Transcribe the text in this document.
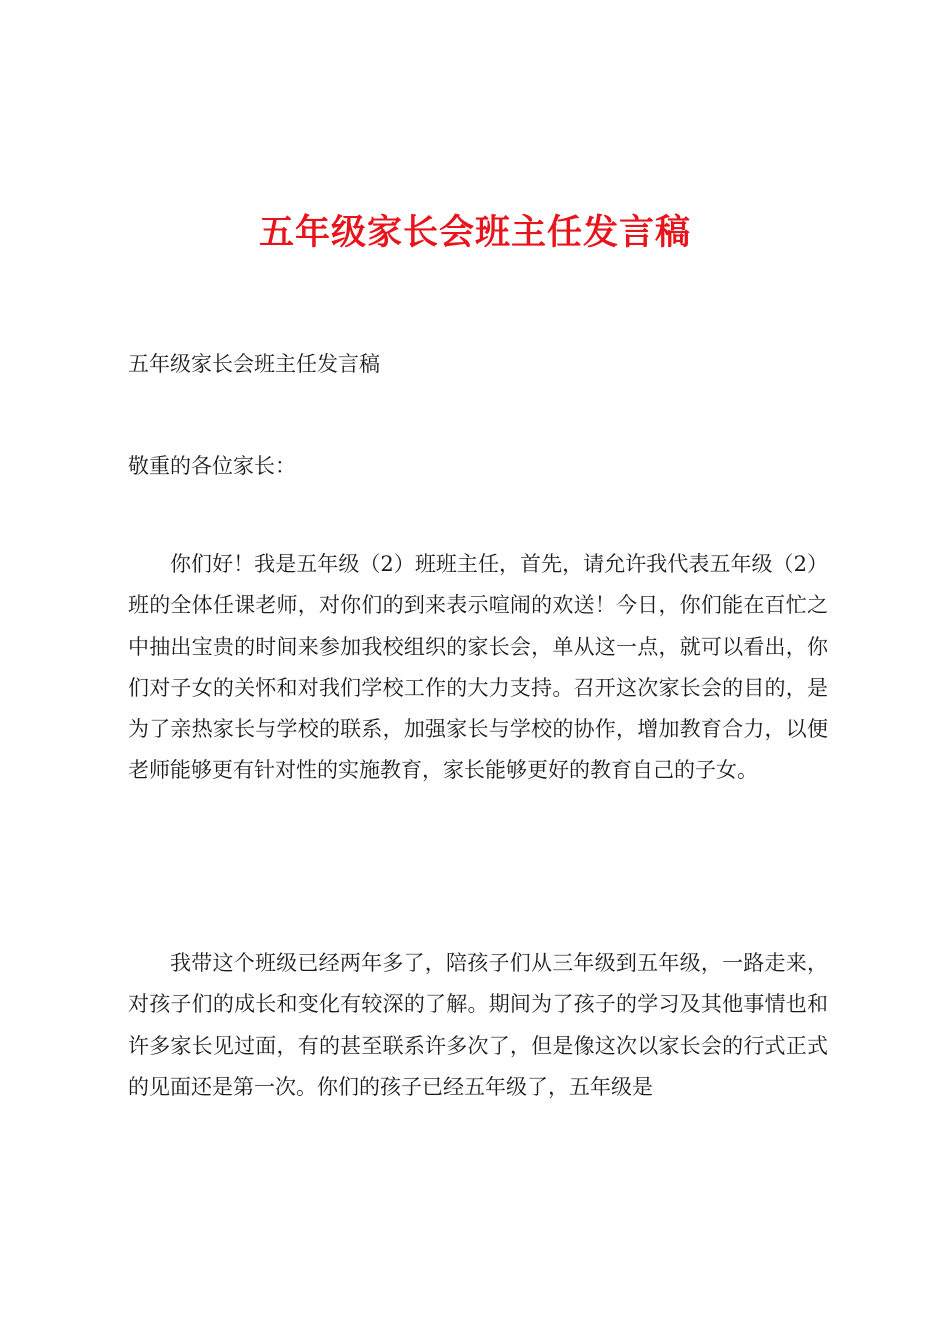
五年级家长会班主任发言稿
五年级家长会班主任发言稿
敬重的各位家长：

你们好！我是五年级（2）班班主任，首先，请允许我代表五年级（2）班的全体任课老师，对你们的到来表示喧闹的欢送！今日，你们能在百忙之中抽出宝贵的时间来参加我校组织的家长会，单从这一点，就可以看出，你们对子女的关怀和对我们学校工作的大力支持。召开这次家长会的目的，是为了亲热家长与学校的联系，加强家长与学校的协作，增加教育合力，以便老师能够更有针对性的实施教育，家长能够更好的教育自己的子女。

我带这个班级已经两年多了，陪孩子们从三年级到五年级，一路走来，对孩子们的成长和变化有较深的了解。期间为了孩子的学习及其他事情也和许多家长见过面，有的甚至联系许多次了，但是像这次以家长会的行式正式的见面还是第一次。你们的孩子已经五年级了，五年级是
